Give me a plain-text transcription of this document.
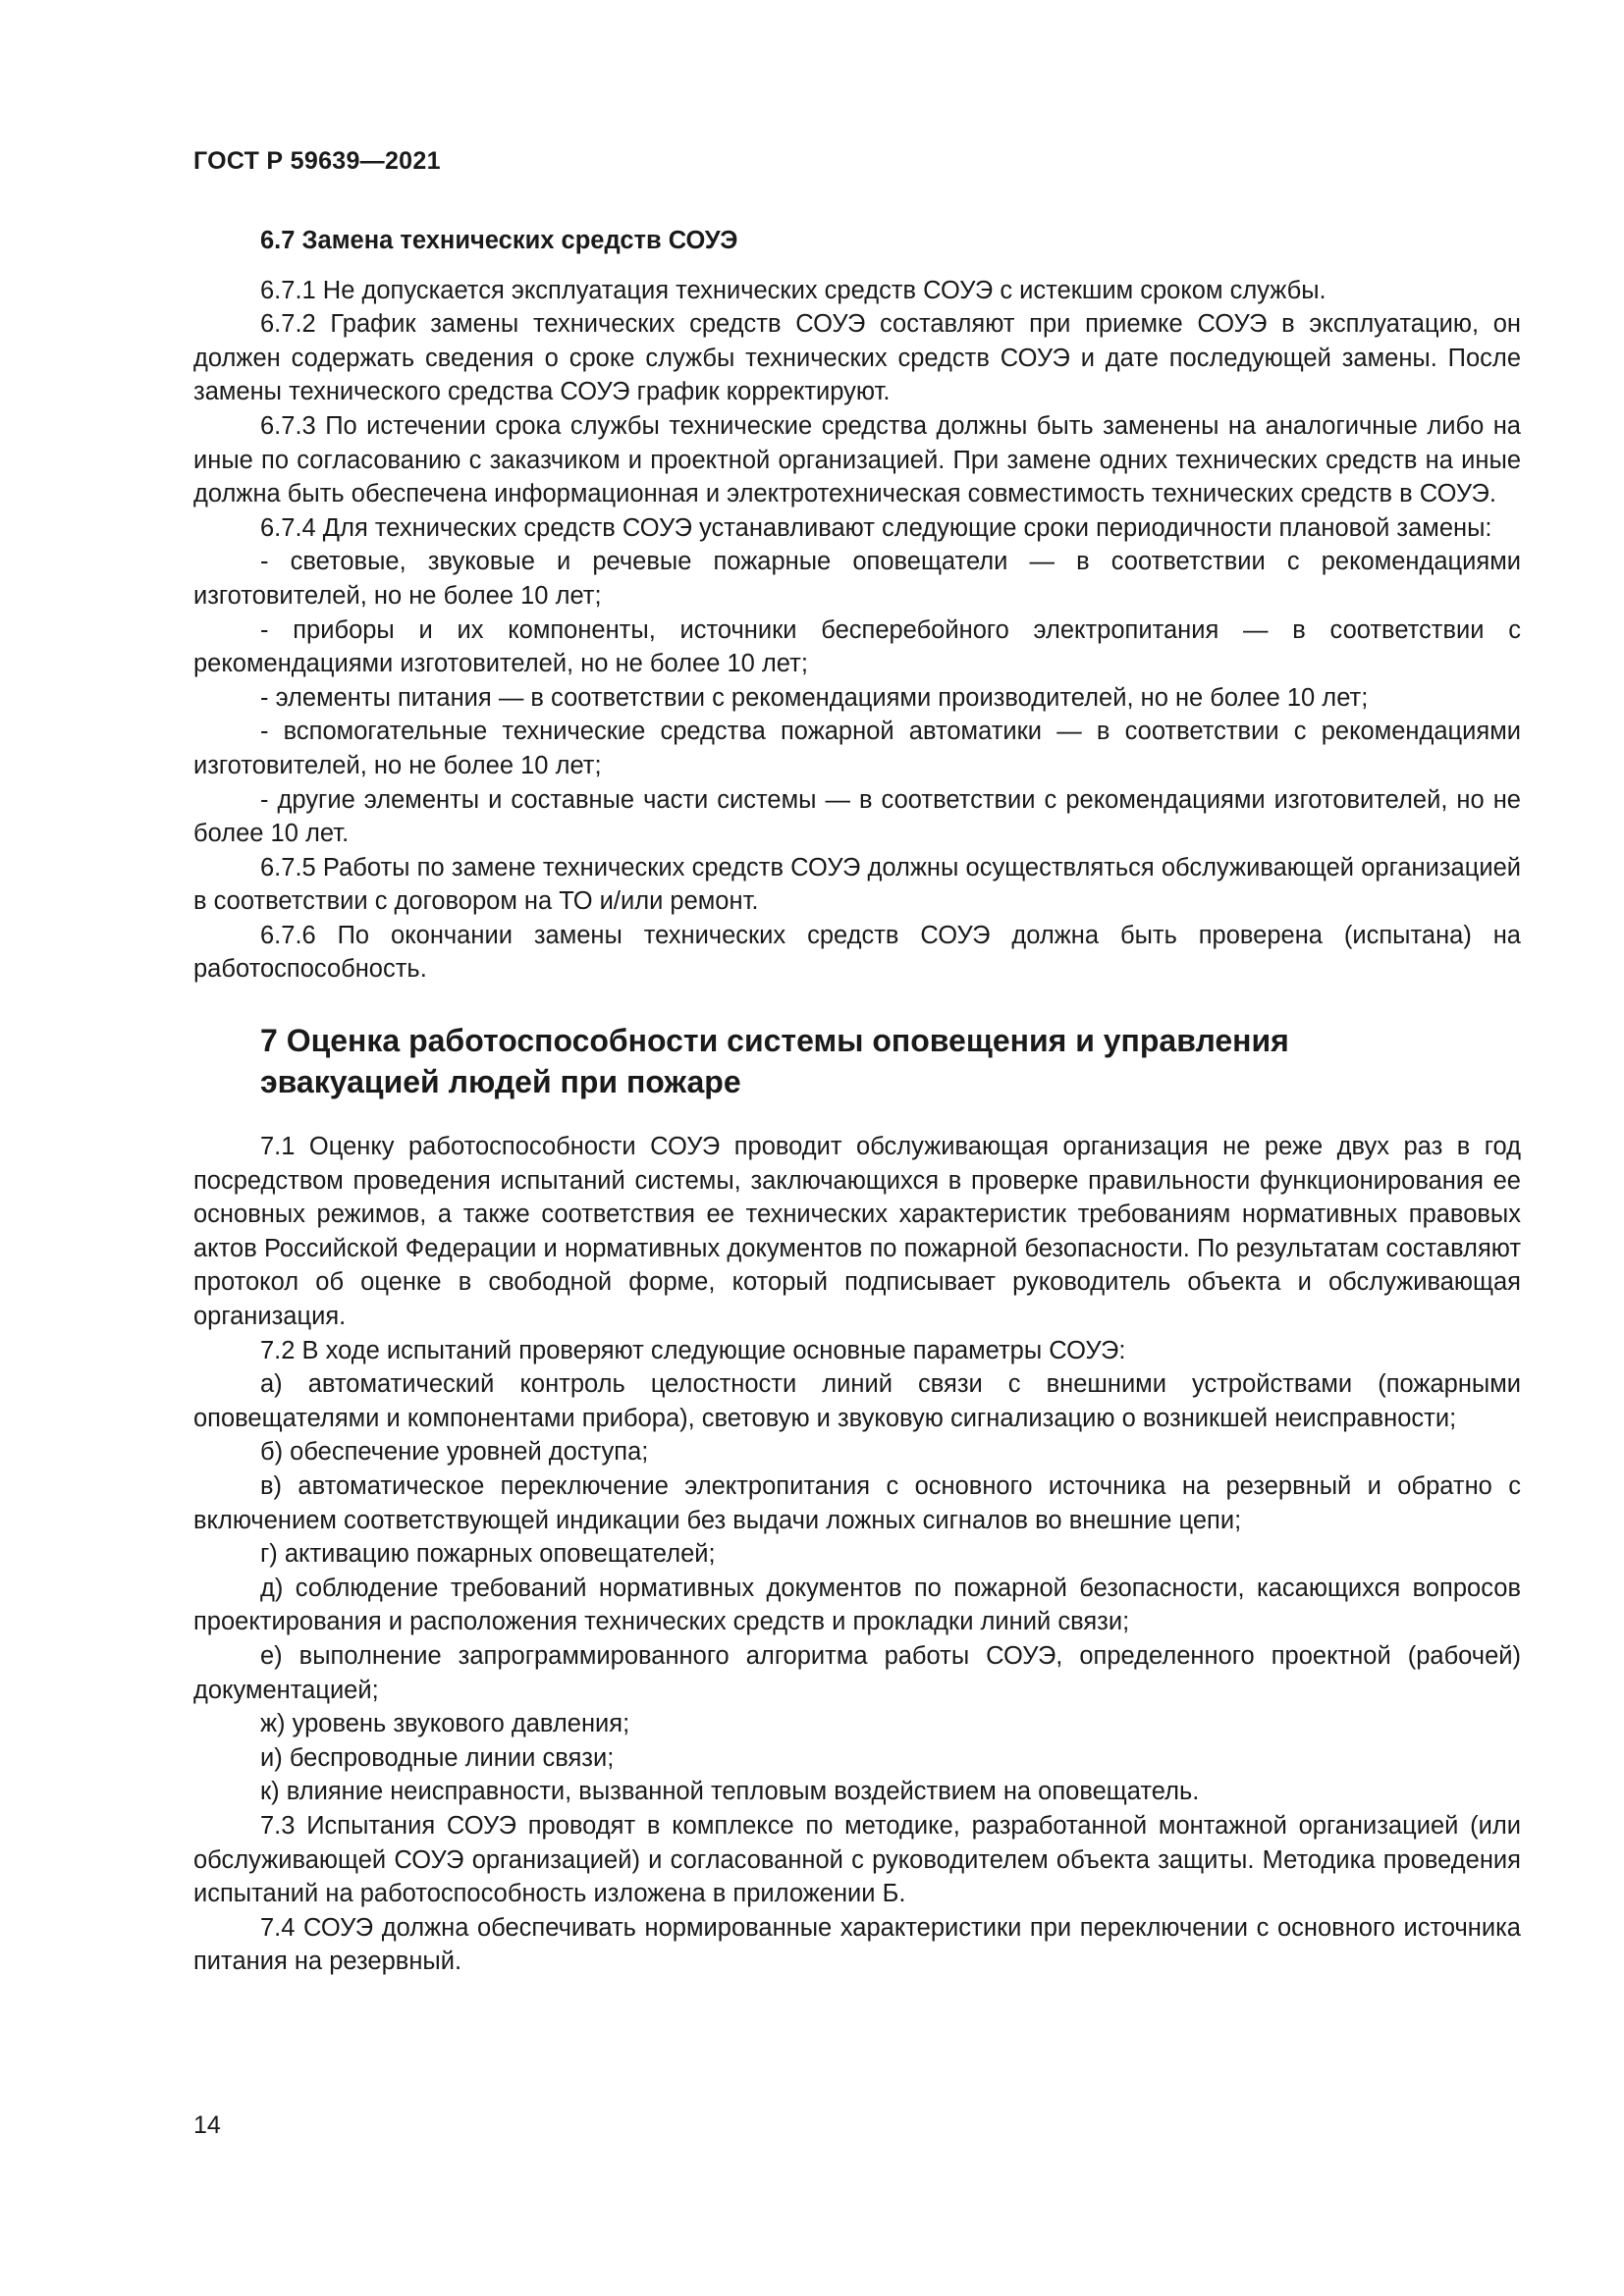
ГОСТ Р 59639—2021
6.7 Замена технических средств СОУЭ

6.7.1 Не допускается эксплуатация технических средств СОУЭ с истекшим сроком службы.

6.7.2 График замены технических средств СОУЭ составляют при приемке СОУЭ в эксплуатацию, он должен содержать сведения о сроке службы технических средств СОУЭ и дате последующей замены. После замены технического средства СОУЭ график корректируют.

6.7.3 По истечении срока службы технические средства должны быть заменены на аналогичные либо на иные по согласованию с заказчиком и проектной организацией. При замене одних технических средств на иные должна быть обеспечена информационная и электротехническая совместимость технических средств в СОУЭ.

6.7.4 Для технических средств СОУЭ устанавливают следующие сроки периодичности плановой замены:

- световые, звуковые и речевые пожарные оповещатели — в соответствии с рекомендациями изготовителей, но не более 10 лет;

- приборы и их компоненты, источники бесперебойного электропитания — в соответствии с рекомендациями изготовителей, но не более 10 лет;

- элементы питания — в соответствии с рекомендациями производителей, но не более 10 лет;

- вспомогательные технические средства пожарной автоматики — в соответствии с рекомендациями изготовителей, но не более 10 лет;

- другие элементы и составные части системы — в соответствии с рекомендациями изготовителей, но не более 10 лет.

6.7.5 Работы по замене технических средств СОУЭ должны осуществляться обслуживающей организацией в соответствии с договором на ТО и/или ремонт.

6.7.6 По окончании замены технических средств СОУЭ должна быть проверена (испытана) на работоспособность.

7 Оценка работоспособности системы оповещения и управления эвакуацией людей при пожаре

7.1 Оценку работоспособности СОУЭ проводит обслуживающая организация не реже двух раз в год посредством проведения испытаний системы, заключающихся в проверке правильности функционирования ее основных режимов, а также соответствия ее технических характеристик требованиям нормативных правовых актов Российской Федерации и нормативных документов по пожарной безопасности. По результатам составляют протокол об оценке в свободной форме, который подписывает руководитель объекта и обслуживающая организация.

7.2 В ходе испытаний проверяют следующие основные параметры СОУЭ:

а) автоматический контроль целостности линий связи с внешними устройствами (пожарными оповещателями и компонентами прибора), световую и звуковую сигнализацию о возникшей неисправности;

б) обеспечение уровней доступа;

в) автоматическое переключение электропитания с основного источника на резервный и обратно с включением соответствующей индикации без выдачи ложных сигналов во внешние цепи;

г) активацию пожарных оповещателей;

д) соблюдение требований нормативных документов по пожарной безопасности, касающихся вопросов проектирования и расположения технических средств и прокладки линий связи;

е) выполнение запрограммированного алгоритма работы СОУЭ, определенного проектной (рабочей) документацией;

ж) уровень звукового давления;

и) беспроводные линии связи;

к) влияние неисправности, вызванной тепловым воздействием на оповещатель.

7.3 Испытания СОУЭ проводят в комплексе по методике, разработанной монтажной организацией (или обслуживающей СОУЭ организацией) и согласованной с руководителем объекта защиты. Методика проведения испытаний на работоспособность изложена в приложении Б.

7.4 СОУЭ должна обеспечивать нормированные характеристики при переключении с основного источника питания на резервный.

14
